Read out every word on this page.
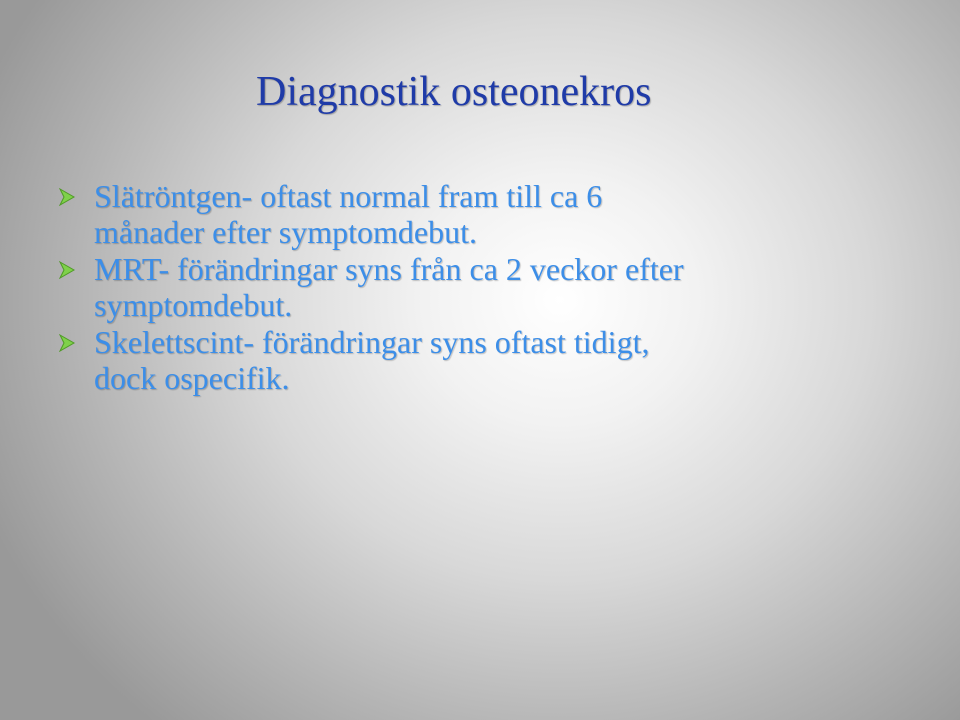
Diagnostik osteonekros
Slätröntgen- oftast normal fram till ca 6 månader efter symptomdebut.
MRT- förändringar syns från ca 2 veckor efter symptomdebut.
Skelettscint- förändringar syns oftast tidigt, dock ospecifik.
